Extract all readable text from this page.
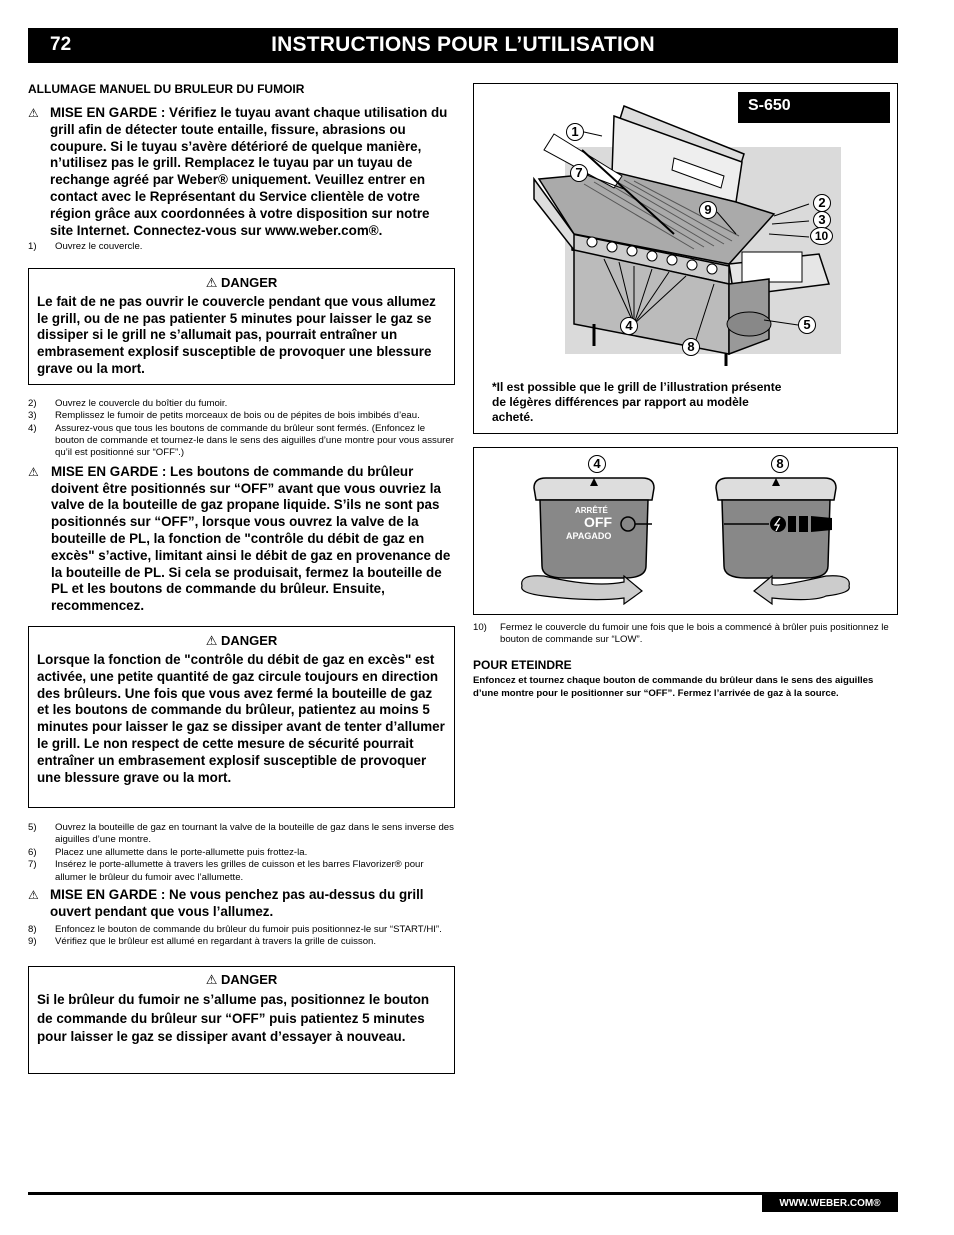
72	INSTRUCTIONS POUR L’UTILISATION
ALLUMAGE MANUEL DU BRULEUR DU FUMOIR
⚠ MISE EN GARDE : Vérifiez le tuyau avant chaque utilisation du grill afin de détecter toute entaille, fissure, abrasions ou coupure. Si le tuyau s’avère détérioré de quelque manière, n’utilisez pas le grill. Remplacez le tuyau par un tuyau de rechange agréé par Weber® uniquement. Veuillez entrer en contact avec le Représentant du Service clientèle de votre région grâce aux coordonnées à votre disposition sur notre site Internet. Connectez-vous sur www.weber.com®.
1) Ouvrez le couvercle.
⚠ DANGER
Le fait de ne pas ouvrir le couvercle pendant que vous allumez le grill, ou de ne pas patienter 5 minutes pour laisser le gaz se dissiper si le grill ne s’allumait pas, pourrait entraîner un embrasement explosif susceptible de provoquer une blessure grave ou la mort.
2) Ouvrez le couvercle du boîtier du fumoir.
3) Remplissez le fumoir de petits morceaux de bois ou de pépites de bois imbibés d’eau.
4) Assurez-vous que tous les boutons de commande du brûleur sont fermés. (Enfoncez le bouton de commande et tournez-le dans le sens des aiguilles d’une montre pour vous assurer qu’il est positionné sur “OFF”.)
⚠ MISE EN GARDE : Les boutons de commande du brûleur doivent être positionnés sur “OFF” avant que vous ouvriez la valve de la bouteille de gaz propane liquide. S’ils ne sont pas positionnés sur “OFF”, lorsque vous ouvrez la valve de la bouteille de PL, la fonction de "contrôle du débit de gaz en excès" s’active, limitant ainsi le débit de gaz en provenance de la bouteille de PL. Si cela se produisait, fermez la bouteille de PL et les boutons de commande du brûleur. Ensuite, recommencez.
⚠ DANGER
Lorsque la fonction de "contrôle du débit de gaz en excès" est activée, une petite quantité de gaz circule toujours en direction des brûleurs. Une fois que vous avez fermé la bouteille de gaz et les boutons de commande du brûleur, patientez au moins 5 minutes pour laisser le gaz se dissiper avant de tenter d’allumer le grill. Le non respect de cette mesure de sécurité pourrait entraîner un embrasement explosif susceptible de provoquer une blessure grave ou la mort.
5) Ouvrez la bouteille de gaz en tournant la valve de la bouteille de gaz dans le sens inverse des aiguilles d’une montre.
6) Placez une allumette dans le porte-allumette puis frottez-la.
7) Insérez le porte-allumette à travers les grilles de cuisson et les barres Flavorizer® pour allumer le brûleur du fumoir avec l’allumette.
⚠ MISE EN GARDE : Ne vous penchez pas au-dessus du grill ouvert pendant que vous l’allumez.
8) Enfoncez le bouton de commande du brûleur du fumoir puis positionnez-le sur “START/HI”.
9) Vérifiez que le brûleur est allumé en regardant à travers la grille de cuisson.
⚠ DANGER
Si le brûleur du fumoir ne s’allume pas, positionnez le bouton de commande du brûleur sur “OFF” puis patientez 5 minutes pour laisser le gaz se dissiper avant d’essayer à nouveau.
S-650
1
7
9	2
3
10
4
8
5
*Il est possible que le grill de l’illustration présente de légères différences par rapport au modèle acheté.
ARRÊTÉ
OFF
APAGADO
4	8
10) Fermez le couvercle du fumoir une fois que le bois a commencé à brûler puis positionnez le bouton de commande sur “LOW”.
POUR ETEINDRE
Enfoncez et tournez chaque bouton de commande du brûleur dans le sens des aiguilles d’une montre pour le positionner sur “OFF”. Fermez l’arrivée de gaz à la source.
WWW.WEBER.COM®
